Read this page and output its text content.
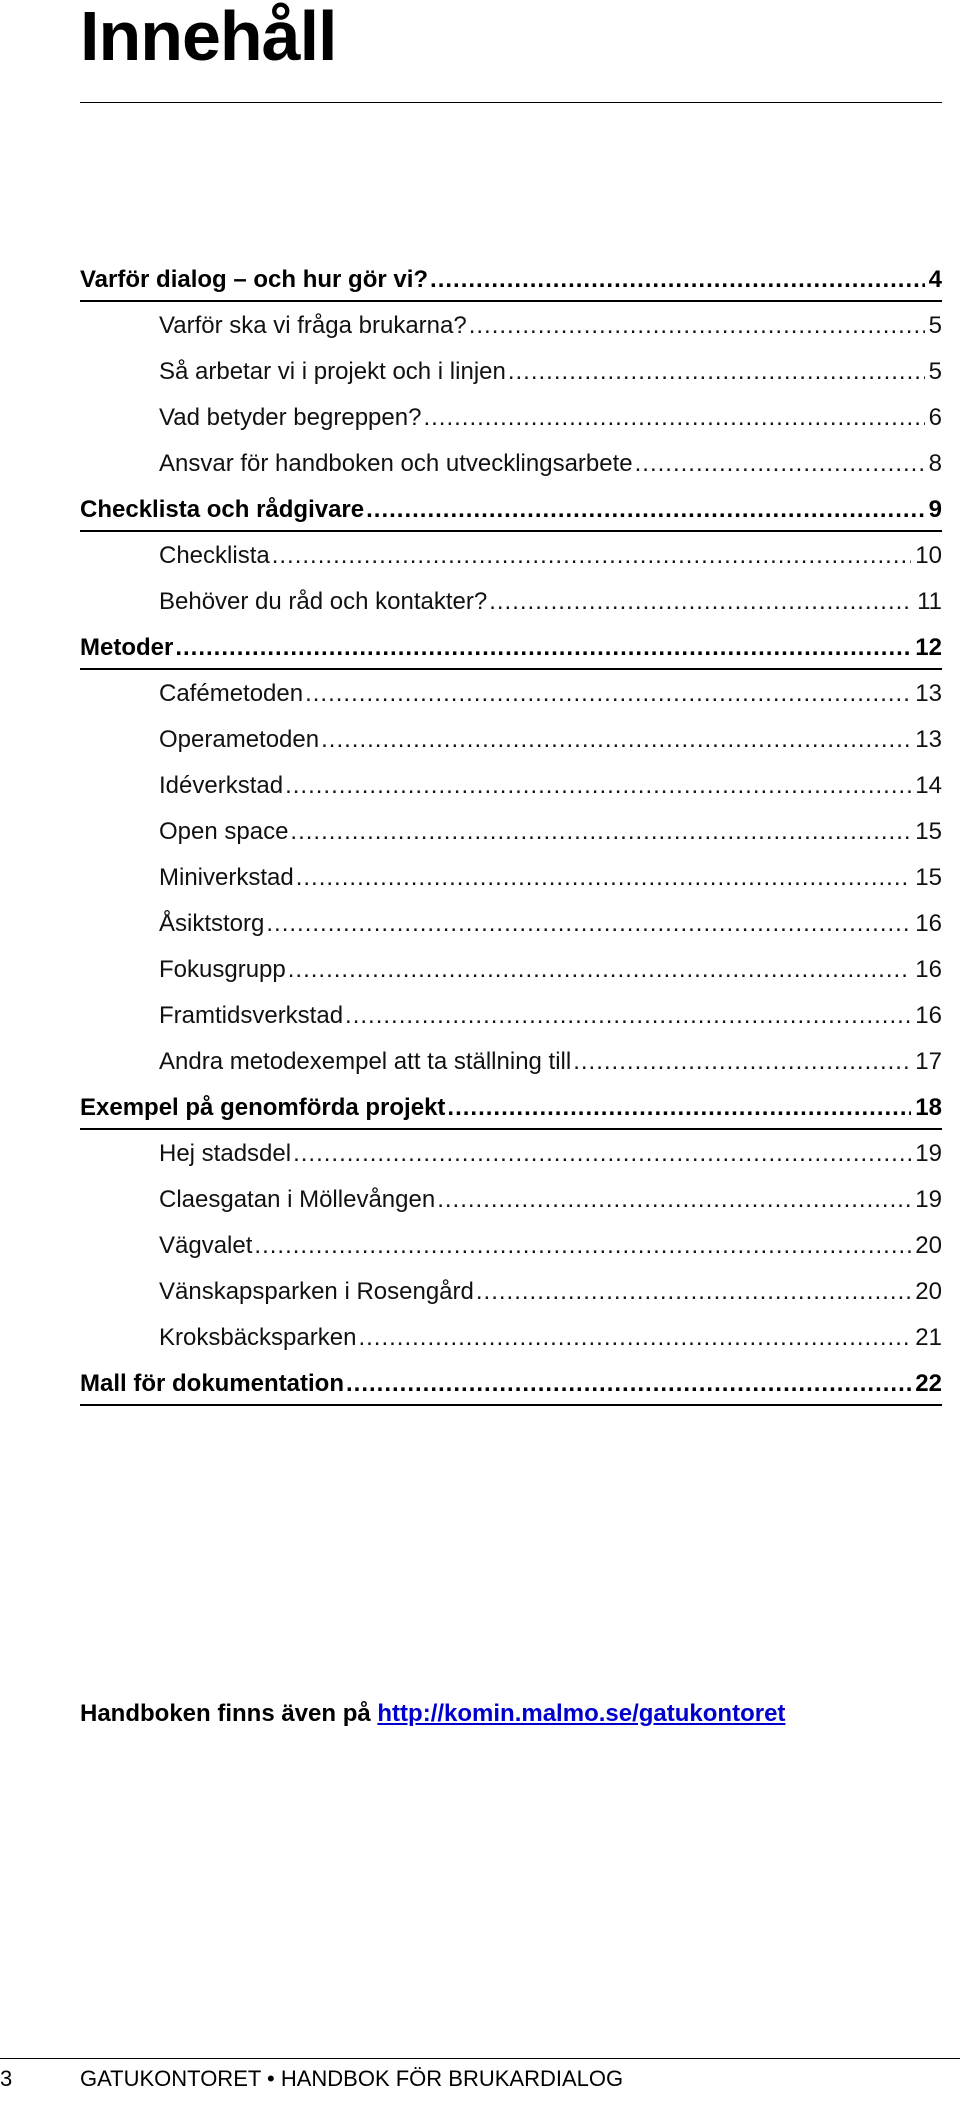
Innehåll
Varför dialog – och hur gör vi? .....	4
Varför ska vi fråga brukarna? .....	5
Så arbetar vi i projekt och i linjen .....	5
Vad betyder begreppen? .....	6
Ansvar för handboken och utvecklingsarbete .....	8
Checklista och rådgivare .....	9
Checklista .....	10
Behöver du råd och kontakter? .....	11
Metoder .....	12
Cafémetoden .....	13
Operametoden .....	13
Idéverkstad .....	14
Open space .....	15
Miniverkstad .....	15
Åsiktstorg .....	16
Fokusgrupp .....	16
Framtidsverkstad .....	16
Andra metodexempel att ta ställning till .....	17
Exempel på genomförda projekt .....	18
Hej stadsdel .....	19
Claesgatan i Möllevången .....	19
Vägvalet .....	20
Vänskapsparken i Rosengård .....	20
Kroksbäcksparken .....	21
Mall för dokumentation .....	22
Handboken finns även på http://komin.malmo.se/gatukontoret
3	GATUKONTORET • HANDBOK FÖR BRUKARDIALOG
